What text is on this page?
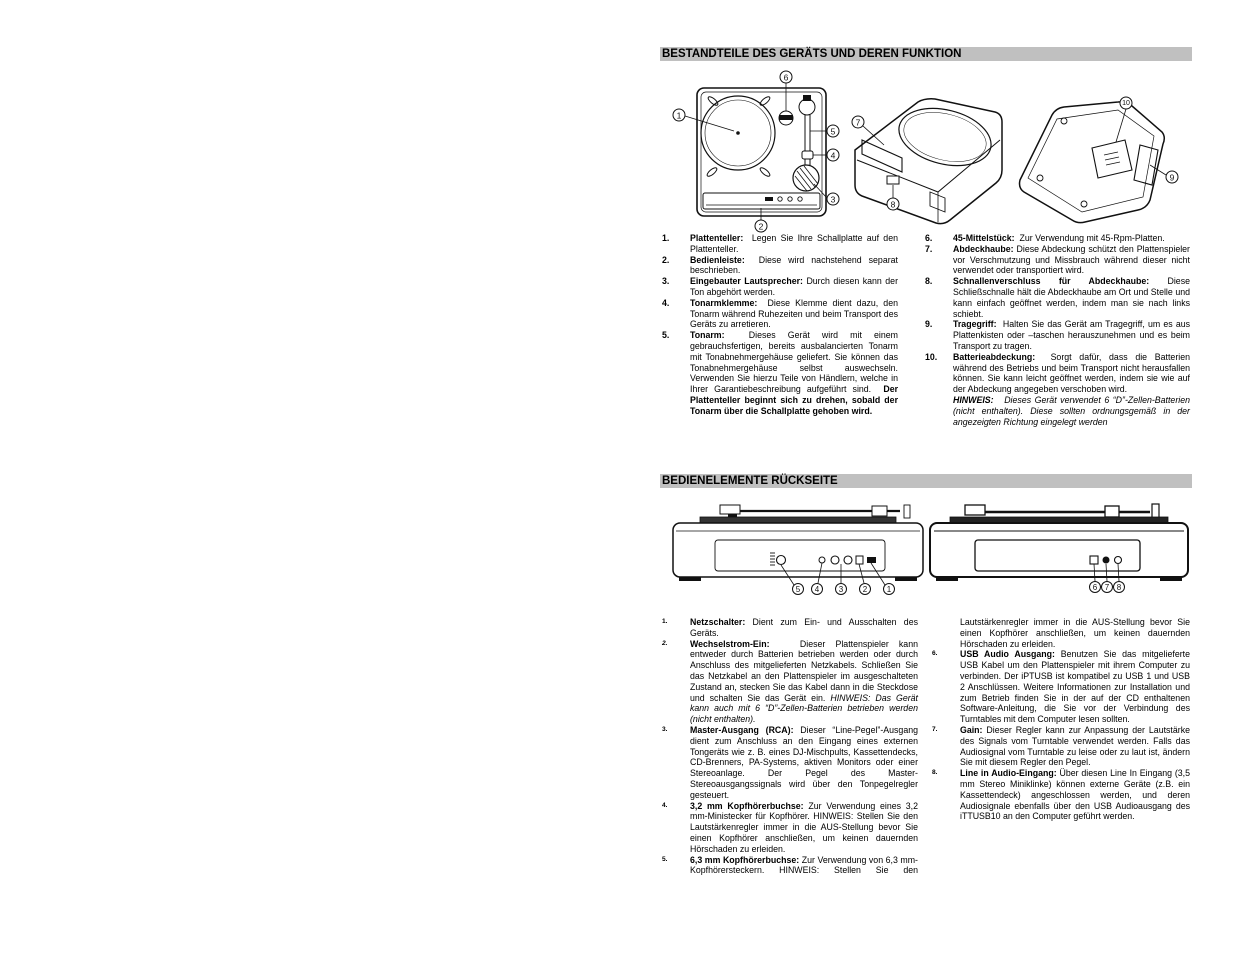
BESTANDTEILE DES GERÄTS UND DEREN FUNKTION
1
2
3
4
5
6
7
8
10
9
1.	Plattenteller: Legen Sie Ihre Schallplatte auf den Plattenteller.
2.	Bedienleiste: Diese wird nachstehend separat beschrieben.
3.	Eingebauter Lautsprecher: Durch diesen kann der Ton abgehört werden.
4.	Tonarmklemme: Diese Klemme dient dazu, den Tonarm während Ruhezeiten und beim Transport des Geräts zu arretieren.
5.	Tonarm:	Dieses Gerät wird mit einem gebrauchsfertigen, bereits ausbalancierten Tonarm mit Tonabnehmergehäuse geliefert. Sie können das Tonabnehmergehäuse selbst auswechseln. Verwenden Sie hierzu Teile von Händlern, welche in Ihrer Garantiebeschreibung aufgeführt sind. Der Plattenteller beginnt sich zu drehen, sobald der Tonarm über die Schallplatte gehoben wird.
6.	45-Mittelstück: Zur Verwendung mit 45-Rpm-Platten.
7.	Abdeckhaube: Diese Abdeckung schützt den Plattenspieler vor Verschmutzung und Missbrauch während dieser nicht verwendet oder transportiert wird.
8.	Schnallenverschluss für Abdeckhaube: Diese Schließschnalle hält die Abdeckhaube am Ort und Stelle und kann einfach geöffnet werden, indem man sie nach links schiebt.
9.	Tragegriff: Halten Sie das Gerät am Tragegriff, um es aus Plattenkisten oder –taschen herauszunehmen und es beim Transport zu tragen.
10.	Batterieabdeckung: Sorgt dafür, dass die Batterien während des Betriebs und beim Transport nicht herausfallen können. Sie kann leicht geöffnet werden, indem sie wie auf der Abdeckung angegeben verschoben wird.
HINWEIS: Dieses Gerät verwendet 6 “D”-Zellen-Batterien (nicht enthalten). Diese sollten ordnungsgemäß in der angezeigten Richtung eingelegt werden
BEDIENELEMENTE RÜCKSEITE
5 4 3 2 1	6 7 8
1.	Netzschalter: Dient zum Ein- und Ausschalten des Geräts.
2.	Wechselstrom-Ein:	Dieser Plattenspieler kann entweder durch Batterien betrieben werden oder durch Anschluss des mitgelieferten Netzkabels. Schließen Sie das Netzkabel an den Plattenspieler im ausgeschalteten Zustand an, stecken Sie das Kabel dann in die Steckdose und schalten Sie das Gerät ein. HINWEIS: Das Gerät kann auch mit 6 “D”-Zellen-Batterien betrieben werden (nicht enthalten).
3.	Master-Ausgang (RCA): Dieser “Line-Pegel”-Ausgang dient zum Anschluss an den Eingang eines externen Tongeräts wie z. B. eines DJ-Mischpults, Kassettendecks, CD-Brenners, PA-Systems, aktiven Monitors oder einer Stereoanlage. Der Pegel des Master-Stereoausgangssignals wird über den Tonpegelregler gesteuert.
4.	3,2 mm Kopfhörerbuchse: Zur Verwendung eines 3,2 mm-Ministecker für Kopfhörer. HINWEIS: Stellen Sie den Lautstärkenregler immer in die AUS-Stellung bevor Sie einen Kopfhörer anschließen, um keinen dauernden Hörschaden zu erleiden.
5.	6,3 mm Kopfhörerbuchse: Zur Verwendung von 6,3 mm- Kopfhörersteckern. HINWEIS: Stellen Sie den
Lautstärkenregler immer in die AUS-Stellung bevor Sie einen Kopfhörer anschließen, um keinen dauernden Hörschaden zu erleiden.
6.	USB Audio Ausgang: Benutzen Sie das mitgelieferte USB Kabel um den Plattenspieler mit ihrem Computer zu verbinden. Der iPTUSB ist kompatibel zu USB 1 und USB 2 Anschlüssen. Weitere Informationen zur Installation und zum Betrieb finden Sie in der auf der CD enthaltenen Software-Anleitung, die Sie vor der Verbindung des Turntables mit dem Computer lesen sollten.
7.	Gain: Dieser Regler kann zur Anpassung der Lautstärke des Signals vom Turntable verwendet werden. Falls das Audiosignal vom Turntable zu leise oder zu laut ist, ändern Sie mit diesem Regler den Pegel.
8.	Line in Audio-Eingang: Über diesen Line In Eingang (3,5 mm Stereo Miniklinke) können externe Geräte (z.B. ein Kassettendeck) angeschlossen werden, und deren Audiosignale ebenfalls über den USB Audioausgang des iTTUSB10 an den Computer geführt werden.
